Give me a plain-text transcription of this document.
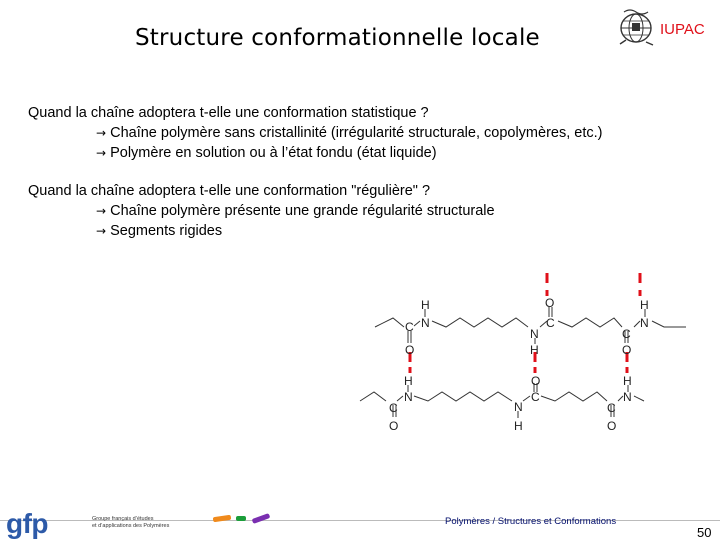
Structure conformationnelle locale	IUPAC
Quand la chaîne adoptera t-elle une conformation statistique ?
→ Chaîne polymère sans cristallinité (irrégularité structurale, copolymères, etc.)
→ Polymère en solution ou à l’état fondu (état liquide)
Quand la chaîne adoptera t-elle une conformation "régulière" ?
→ Chaîne polymère présente une grande régularité structurale
→ Segments rigides
H
N
C
O
O
C
N
H
H
N
C
O
H
N
C
O
O
C
N
H
H
N
C
O
gfp	Groupe français d’études
et d’applications des Polymères	Polymères / Structures et Conformations
50
